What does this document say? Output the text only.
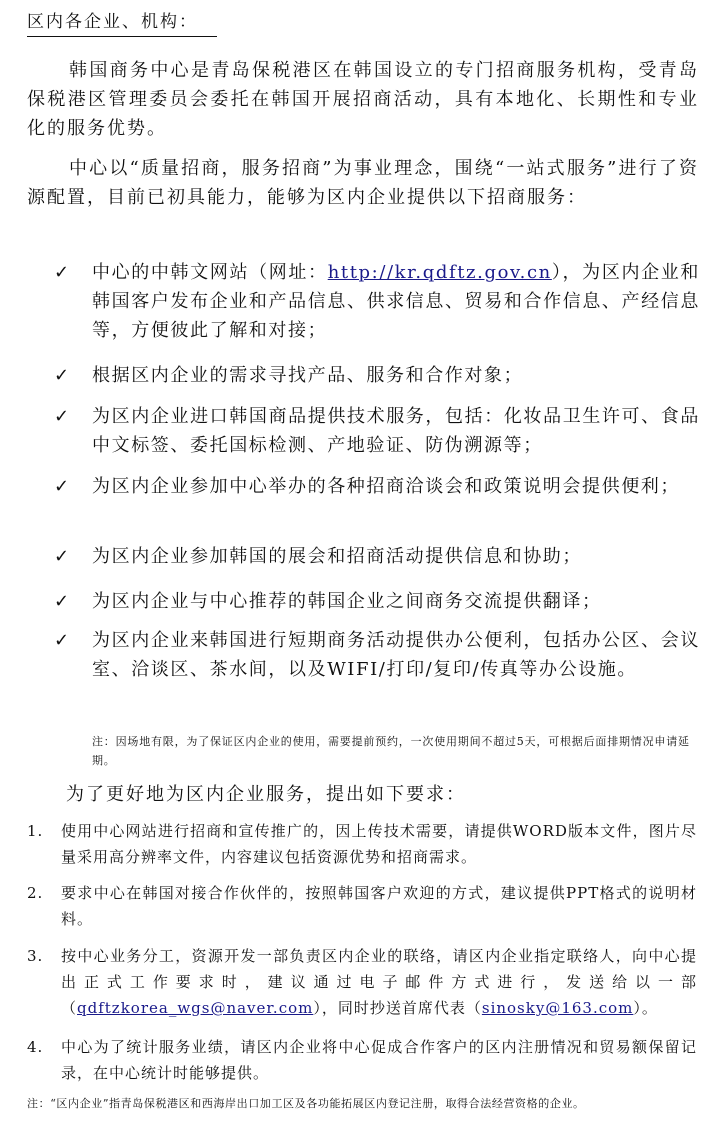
区内各企业、机构：

韩国商务中心是青岛保税港区在韩国设立的专门招商服务机构，受青岛保税港区管理委员会委托在韩国开展招商活动，具有本地化、长期性和专业化的服务优势。

中心以“质量招商，服务招商”为事业理念，围绕“一站式服务”进行了资源配置，目前已初具能力，能够为区内企业提供以下招商服务：

✓ 中心的中韩文网站（网址：http://kr.qdftz.gov.cn），为区内企业和韩国客户发布企业和产品信息、供求信息、贸易和合作信息、产经信息等，方便彼此了解和对接；
✓ 根据区内企业的需求寻找产品、服务和合作对象；
✓ 为区内企业进口韩国商品提供技术服务，包括：化妆品卫生许可、食品中文标签、委托国标检测、产地验证、防伪溯源等；
✓ 为区内企业参加中心举办的各种招商洽谈会和政策说明会提供便利；
✓ 为区内企业参加韩国的展会和招商活动提供信息和协助；
✓ 为区内企业与中心推荐的韩国企业之间商务交流提供翻译；
✓ 为区内企业来韩国进行短期商务活动提供办公便利，包括办公区、会议室、洽谈区、茶水间，以及WIFI/打印/复印/传真等办公设施。
注：因场地有限，为了保证区内企业的使用，需要提前预约，一次使用期间不超过5天，可根据后面排期情况申请延期。
为了更好地为区内企业服务，提出如下要求：
1.	使用中心网站进行招商和宣传推广的，因上传技术需要，请提供WORD版本文件，图片尽量采用高分辨率文件，内容建议包括资源优势和招商需求。
2.	要求中心在韩国对接合作伙伴的，按照韩国客户欢迎的方式，建议提供PPT格式的说明材料。
3.	按中心业务分工，资源开发一部负责区内企业的联络，请区内企业指定联络人，向中心提出正式工作要求时，建议通过电子邮件方式进行，发送给以一部（qdftzkorea_wgs@naver.com），同时抄送首席代表（sinosky@163.com）。
4.	中心为了统计服务业绩，请区内企业将中心促成合作客户的区内注册情况和贸易额保留记录，在中心统计时能够提供。
注：“区内企业”指青岛保税港区和西海岸出口加工区及各功能拓展区内登记注册，取得合法经营资格的企业。
